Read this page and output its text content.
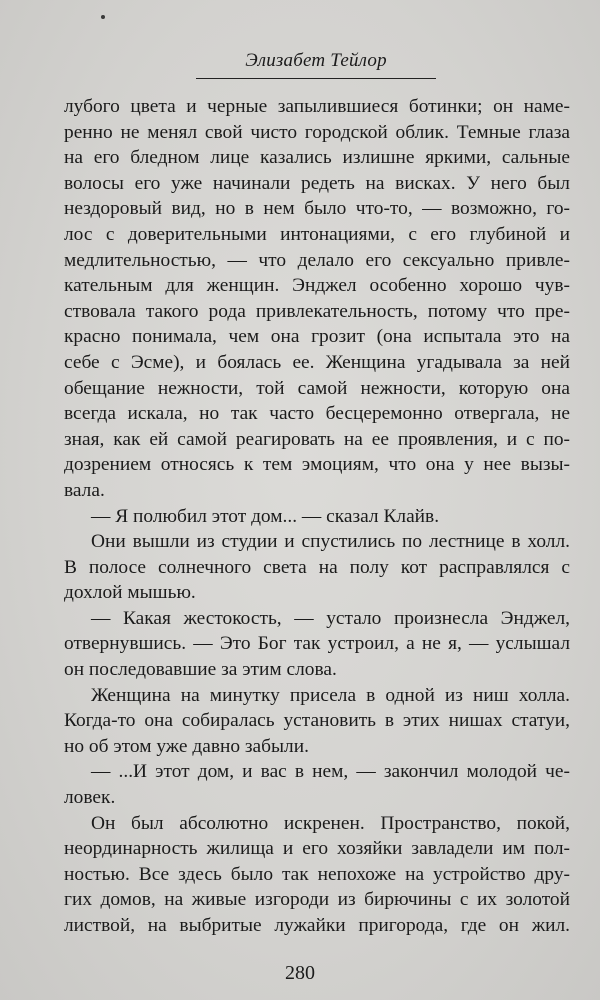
Элизабет Тейлор
лубого цвета и черные запылившиеся ботинки; он наме-
ренно не менял свой чисто городской облик. Темные глаза
на его бледном лице казались излишне яркими, сальные
волосы его уже начинали редеть на висках. У него был
нездоровый вид, но в нем было что-то, — возможно, го-
лос с доверительными интонациями, с его глубиной и
медлительностью, — что делало его сексуально привле-
кательным для женщин. Энджел особенно хорошо чув-
ствовала такого рода привлекательность, потому что пре-
красно понимала, чем она грозит (она испытала это на
себе с Эсме), и боялась ее. Женщина угадывала за ней
обещание нежности, той самой нежности, которую она
всегда искала, но так часто бесцеремонно отвергала, не
зная, как ей самой реагировать на ее проявления, и с по-
дозрением относясь к тем эмоциям, что она у нее вызы-
вала.
— Я полюбил этот дом... — сказал Клайв.
Они вышли из студии и спустились по лестнице в холл.
В полосе солнечного света на полу кот расправлялся с
дохлой мышью.
— Какая жестокость, — устало произнесла Энджел,
отвернувшись. — Это Бог так устроил, а не я, — услышал
он последовавшие за этим слова.
Женщина на минутку присела в одной из ниш холла.
Когда-то она собиралась установить в этих нишах статуи,
но об этом уже давно забыли.
— ...И этот дом, и вас в нем, — закончил молодой че-
ловек.
Он был абсолютно искренен. Пространство, покой,
неординарность жилища и его хозяйки завладели им пол-
ностью. Все здесь было так непохоже на устройство дру-
гих домов, на живые изгороди из бирючины с их золотой
листвой, на выбритые лужайки пригорода, где он жил.
280
